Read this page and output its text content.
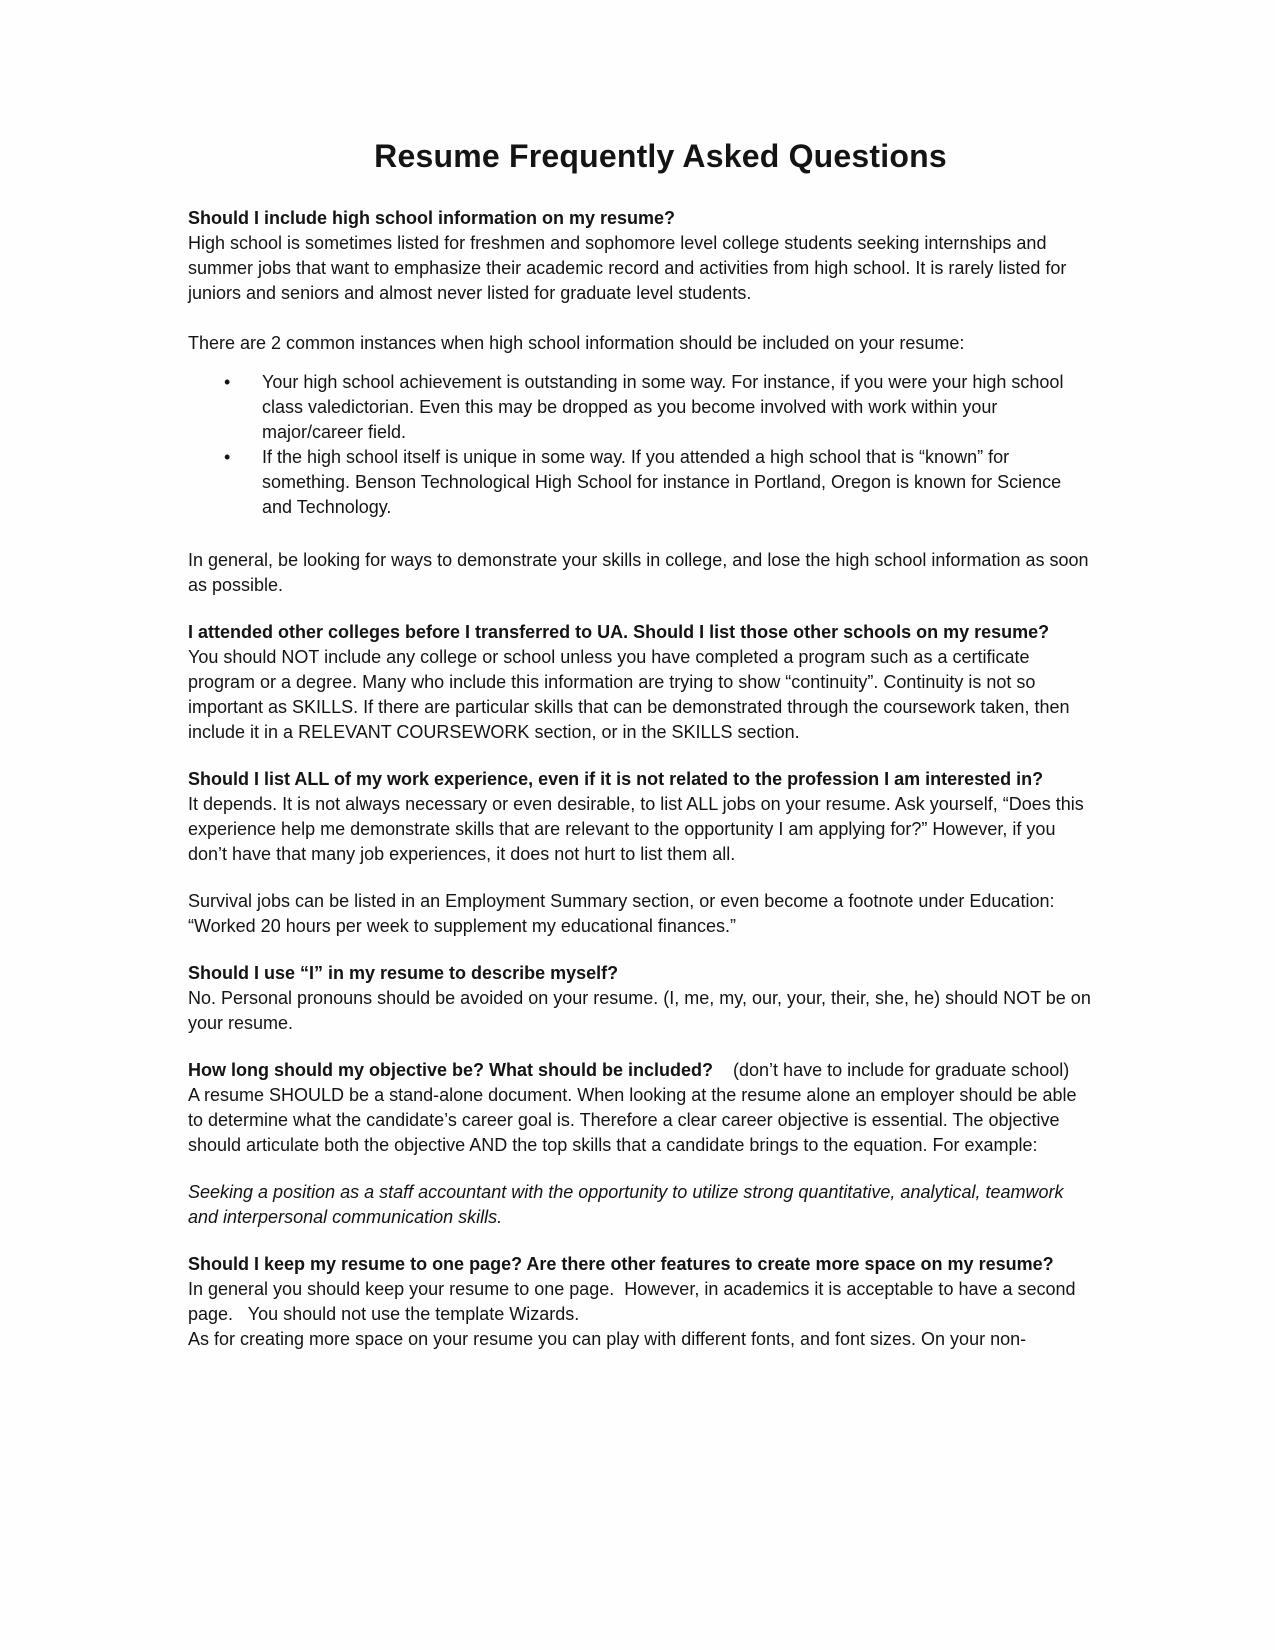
Resume Frequently Asked Questions

Should I include high school information on my resume?

High school is sometimes listed for freshmen and sophomore level college students seeking internships and summer jobs that want to emphasize their academic record and activities from high school. It is rarely listed for juniors and seniors and almost never listed for graduate level students.

There are 2 common instances when high school information should be included on your resume:

• Your high school achievement is outstanding in some way. For instance, if you were your high school class valedictorian. Even this may be dropped as you become involved with work within your major/career field.
• If the high school itself is unique in some way. If you attended a high school that is “known” for something. Benson Technological High School for instance in Portland, Oregon is known for Science and Technology.

In general, be looking for ways to demonstrate your skills in college, and lose the high school information as soon as possible.

I attended other colleges before I transferred to UA. Should I list those other schools on my resume?

You should NOT include any college or school unless you have completed a program such as a certificate program or a degree. Many who include this information are trying to show “continuity”. Continuity is not so important as SKILLS. If there are particular skills that can be demonstrated through the coursework taken, then include it in a RELEVANT COURSEWORK section, or in the SKILLS section.

Should I list ALL of my work experience, even if it is not related to the profession I am interested in?

It depends. It is not always necessary or even desirable, to list ALL jobs on your resume. Ask yourself, “Does this experience help me demonstrate skills that are relevant to the opportunity I am applying for?” However, if you don’t have that many job experiences, it does not hurt to list them all.

Survival jobs can be listed in an Employment Summary section, or even become a footnote under Education: “Worked 20 hours per week to supplement my educational finances.”

Should I use “I” in my resume to describe myself?

No. Personal pronouns should be avoided on your resume. (I, me, my, our, your, their, she, he) should NOT be on your resume.

How long should my objective be? What should be included? (don’t have to include for graduate school)

A resume SHOULD be a stand-alone document. When looking at the resume alone an employer should be able to determine what the candidate’s career goal is. Therefore a clear career objective is essential. The objective should articulate both the objective AND the top skills that a candidate brings to the equation. For example:

Seeking a position as a staff accountant with the opportunity to utilize strong quantitative, analytical, teamwork and interpersonal communication skills.

Should I keep my resume to one page? Are there other features to create more space on my resume?

In general you should keep your resume to one page.  However, in academics it is acceptable to have a second page.   You should not use the template Wizards.

As for creating more space on your resume you can play with different fonts, and font sizes. On your non-
